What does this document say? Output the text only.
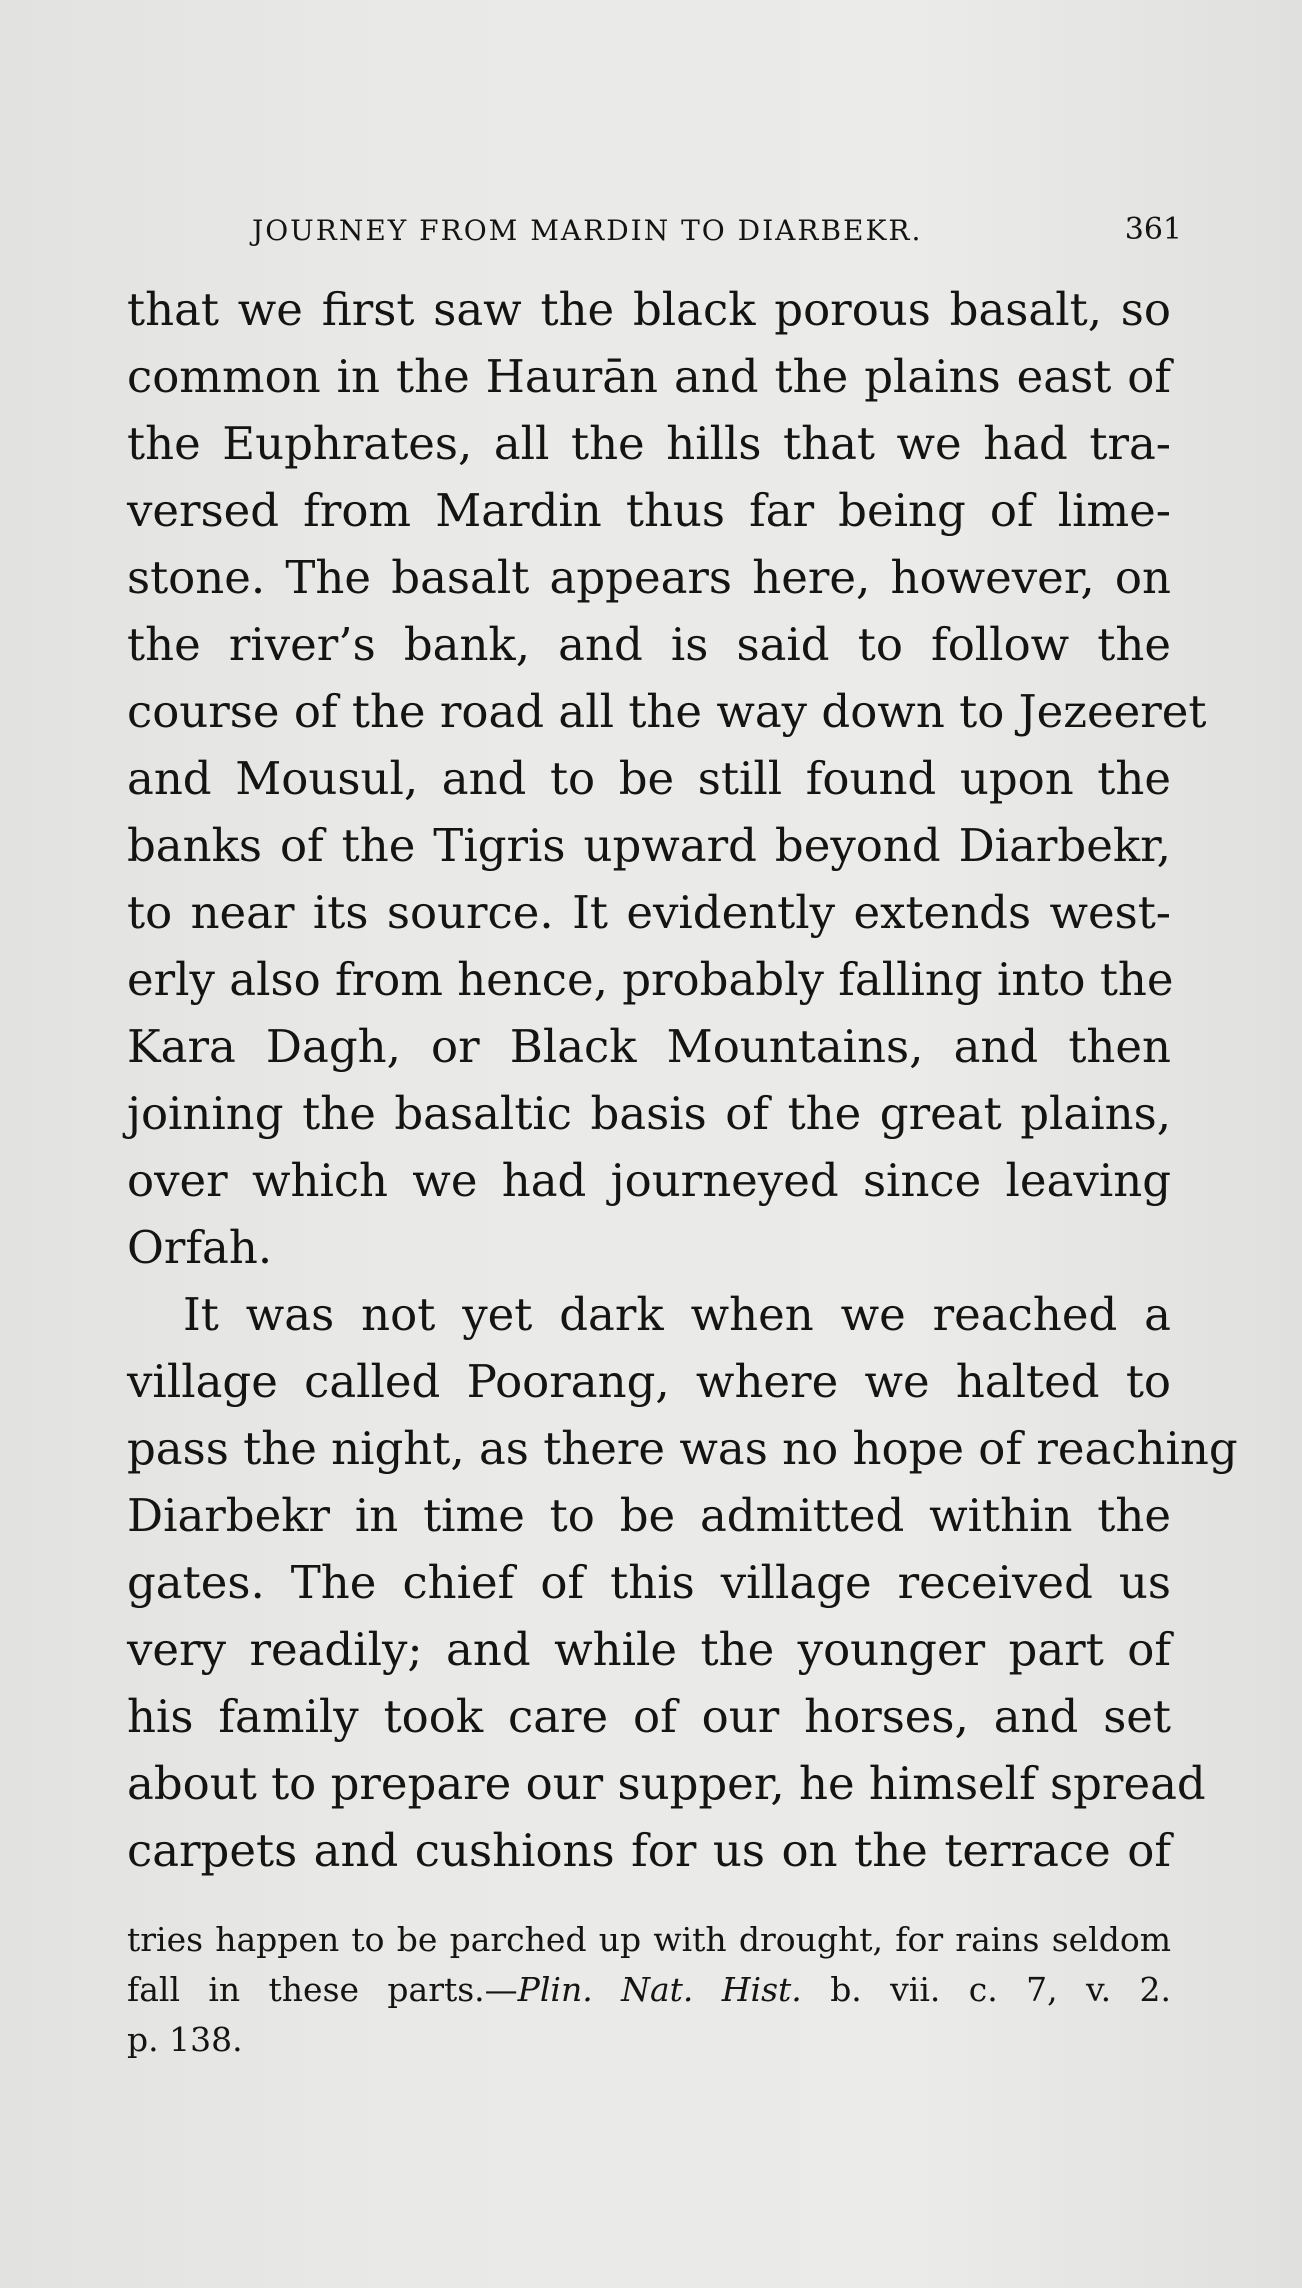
JOURNEY FROM MARDIN TO DIARBEKR.	361
that we first saw the black porous basalt, so
common in the Haurān and the plains east of
the Euphrates, all the hills that we had tra-
versed from Mardin thus far being of lime-
stone. The basalt appears here, however, on
the river’s bank, and is said to follow the
course of the road all the way down to Jezeeret
and Mousul, and to be still found upon the
banks of the Tigris upward beyond Diarbekr,
to near its source. It evidently extends west-
erly also from hence, probably falling into the
Kara Dagh, or Black Mountains, and then
joining the basaltic basis of the great plains,
over which we had journeyed since leaving
Orfah.
It was not yet dark when we reached a
village called Poorang, where we halted to
pass the night, as there was no hope of reaching
Diarbekr in time to be admitted within the
gates. The chief of this village received us
very readily; and while the younger part of
his family took care of our horses, and set
about to prepare our supper, he himself spread
carpets and cushions for us on the terrace of
tries happen to be parched up with drought, for rains seldom
fall in these parts.—Plin. Nat. Hist. b. vii. c. 7, v. 2.
p. 138.
